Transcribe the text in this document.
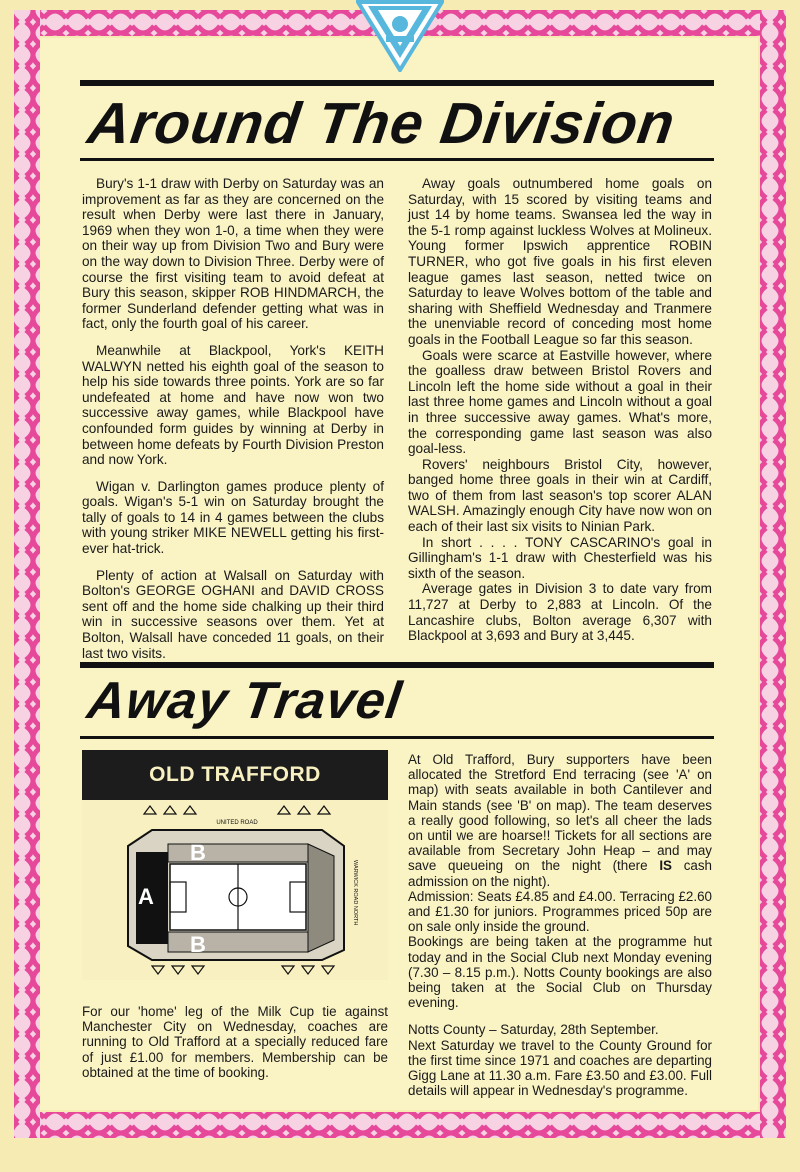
Around The Division

Bury's 1-1 draw with Derby on Saturday was an improvement as far as they are concerned on the result when Derby were last there in January, 1969 when they won 1-0, a time when they were on their way up from Division Two and Bury were on the way down to Division Three. Derby were of course the first visiting team to avoid defeat at Bury this season, skipper ROB HINDMARCH, the former Sunderland defender getting what was in fact, only the fourth goal of his career.

Meanwhile at Blackpool, York's KEITH WALWYN netted his eighth goal of the season to help his side towards three points. York are so far undefeated at home and have now won two successive away games, while Blackpool have confounded form guides by winning at Derby in between home defeats by Fourth Division Preston and now York.

Wigan v. Darlington games produce plenty of goals. Wigan's 5-1 win on Saturday brought the tally of goals to 14 in 4 games between the clubs with young striker MIKE NEWELL getting his first-ever hat-trick.

Plenty of action at Walsall on Saturday with Bolton's GEORGE OGHANI and DAVID CROSS sent off and the home side chalking up their third win in successive seasons over them. Yet at Bolton, Walsall have conceded 11 goals, on their last two visits.

Away goals outnumbered home goals on Saturday, with 15 scored by visiting teams and just 14 by home teams. Swansea led the way in the 5-1 romp against luckless Wolves at Molineux. Young former Ipswich apprentice ROBIN TURNER, who got five goals in his first eleven league games last season, netted twice on Saturday to leave Wolves bottom of the table and sharing with Sheffield Wednesday and Tranmere the unenviable record of conceding most home goals in the Football League so far this season.

Goals were scarce at Eastville however, where the goalless draw between Bristol Rovers and Lincoln left the home side without a goal in their last three home games and Lincoln without a goal in three successive away games. What's more, the corresponding game last season was also goal-less.

Rovers' neighbours Bristol City, however, banged home three goals in their win at Cardiff, two of them from last season's top scorer ALAN WALSH. Amazingly enough City have now won on each of their last six visits to Ninian Park.

In short . . . . TONY CASCARINO's goal in Gillingham's 1-1 draw with Chesterfield was his sixth of the season.

Average gates in Division 3 to date vary from 11,727 at Derby to 2,883 at Lincoln. Of the Lancashire clubs, Bolton average 6,307 with Blackpool at 3,693 and Bury at 3,445.

Away Travel
OLD TRAFFORD
UNITED ROAD
WARWICK ROAD NORTH
B
A
B

For our 'home' leg of the Milk Cup tie against Manchester City on Wednesday, coaches are running to Old Trafford at a specially reduced fare of just £1.00 for members. Membership can be obtained at the time of booking.

At Old Trafford, Bury supporters have been allocated the Stretford End terracing (see 'A' on map) with seats available in both Cantilever and Main stands (see 'B' on map). The team deserves a really good following, so let's all cheer the lads on until we are hoarse!! Tickets for all sections are available from Secretary John Heap – and may save queueing on the night (there IS cash admission on the night).

Admission: Seats £4.85 and £4.00. Terracing £2.60 and £1.30 for juniors. Programmes priced 50p are on sale only inside the ground.

Bookings are being taken at the programme hut today and in the Social Club next Monday evening (7.30 – 8.15 p.m.). Notts County bookings are also being taken at the Social Club on Thursday evening.

Notts County – Saturday, 28th September.

Next Saturday we travel to the County Ground for the first time since 1971 and coaches are departing Gigg Lane at 11.30 a.m. Fare £3.50 and £3.00. Full details will appear in Wednesday's programme.
